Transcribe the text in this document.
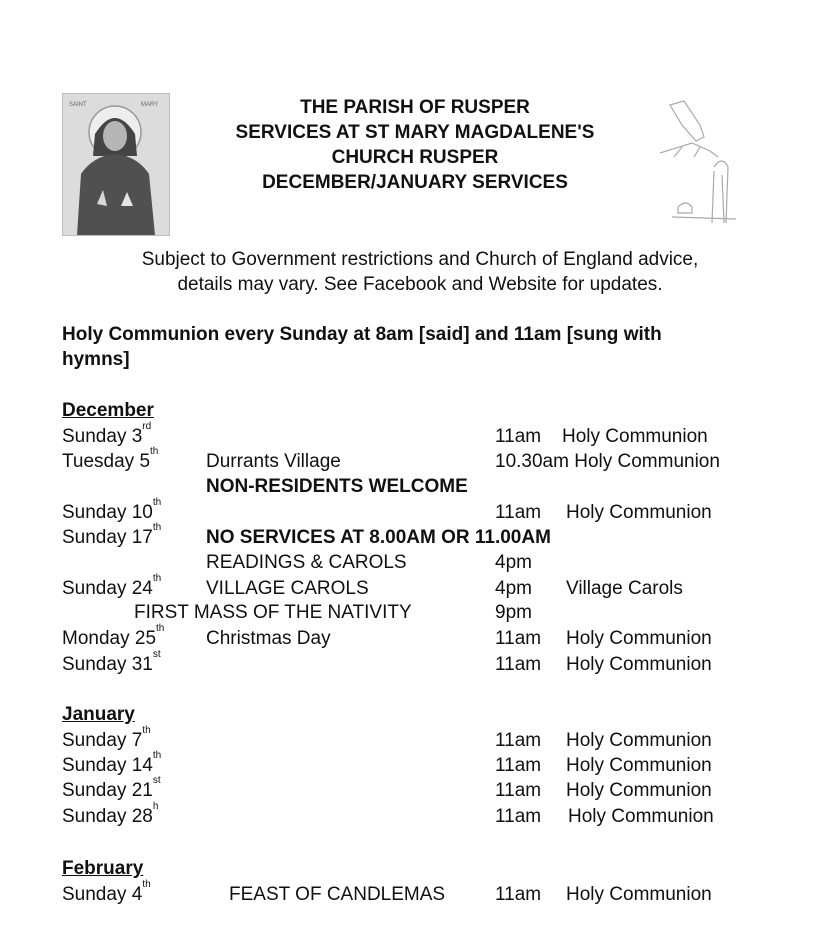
SAINT	MARY	THE PARISH OF RUSPER
SERVICES AT ST MARY MAGDALENE'S
CHURCH RUSPER
DECEMBER/JANUARY SERVICES
Subject to Government restrictions and Church of England advice,
details may vary. See Facebook and Website for updates.
Holy Communion every Sunday at 8am [said] and 11am [sung with
hymns]
December
Sunday 3rd	11am Holy Communion
Tuesday 5th	Durrants Village	10.30am Holy Communion
NON-RESIDENTS WELCOME
Sunday 10th	11am Holy Communion
Sunday 17th NO SERVICES AT 8.00AM OR 11.00AM
READINGS & CAROLS	4pm
Sunday 24th VILLAGE CAROLS	4pm Village Carols
FIRST MASS OF THE NATIVITY	9pm
Monday 25th Christmas Day	11am Holy Communion
Sunday 31st	11am Holy Communion
January
Sunday 7th	11am Holy Communion
Sunday 14th	11am Holy Communion
Sunday 21st	11am Holy Communion
Sunday 28$^h$	11am Holy Communion
February
Sunday 4th	FEAST OF CANDLEMAS	11am Holy Communion
